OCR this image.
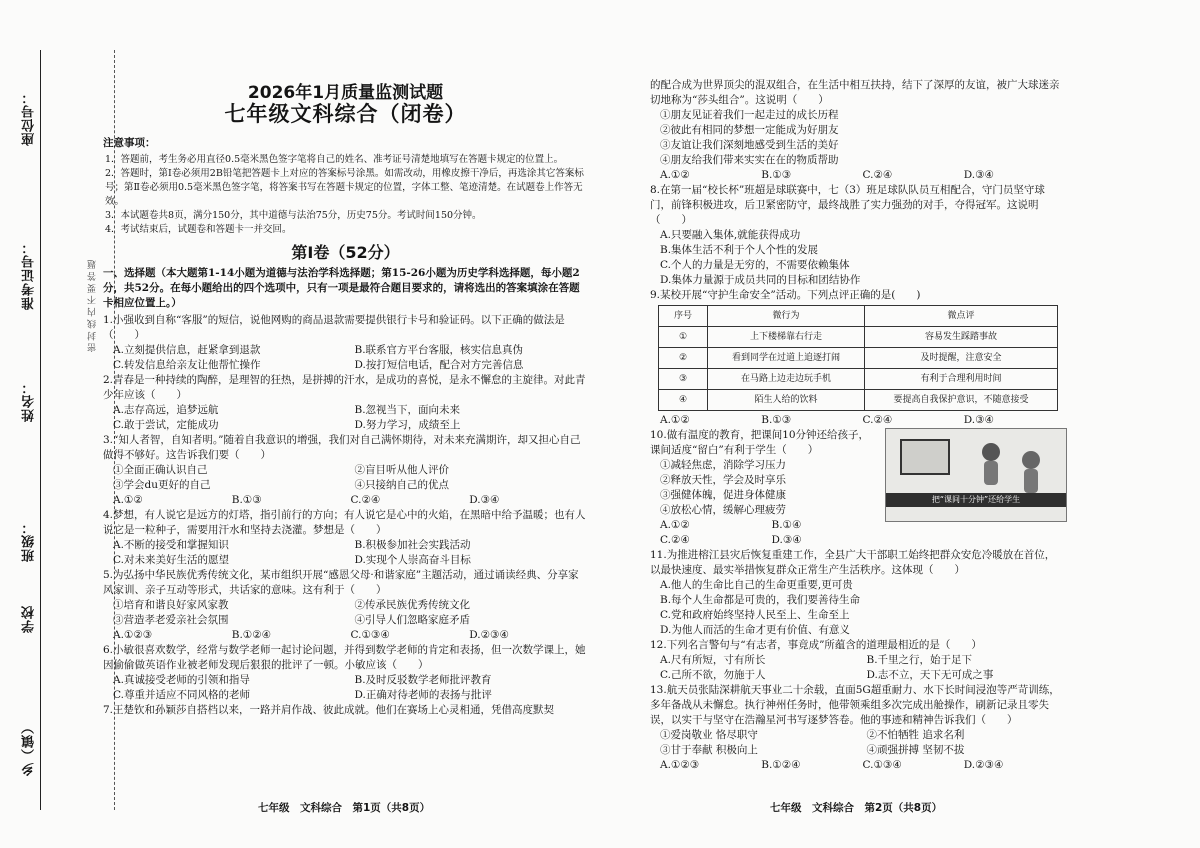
座位号：
准考证号：
姓名：
班级：
学校
乡（镇）
密 封 线 内 不 要 答 题
2026年1月质量监测试题
七年级文科综合（闭卷）
注意事项：

1．答题前，考生务必用直径0.5毫米黑色签字笔将自己的姓名、准考证号清楚地填写在答题卡规定的位置上。

2．答题时，第Ⅰ卷必须用2B铅笔把答题卡上对应的答案标号涂黑。如需改动，用橡皮擦干净后，再选涂其它答案标号；第Ⅱ卷必须用0.5毫米黑色签字笔，将答案书写在答题卡规定的位置，字体工整、笔迹清楚。在试题卷上作答无效。

3．本试题卷共8页，满分150分，其中道德与法治75分，历史75分。考试时间150分钟。

4．考试结束后，试题卷和答题卡一并交回。

第Ⅰ卷（52分）

一、选择题（本大题第1-14小题为道德与法治学科选择题；第15-26小题为历史学科选择题，每小题2分，共52分。在每小题给出的四个选项中，只有一项是最符合题目要求的，请将选出的答案填涂在答题卡相应位置上。）

1.小强收到自称“客服”的短信，说他网购的商品退款需要提供银行卡号和验证码。以下正确的做法是（　　）

A.立刻提供信息，赶紧拿到退款	B.联系官方平台客服，核实信息真伪
C.转发信息给亲友让他帮忙操作	D.按打短信电话，配合对方完善信息

2.青春是一种持续的陶醉，是理智的狂热，是拼搏的汗水，是成功的喜悦，是永不懈怠的主旋律。对此青少年应该（　　）

A.志存高远，追梦远航	B.忽视当下，面向未来
C.敢于尝试，定能成功	D.努力学习，成绩至上

3.“知人者智，自知者明。”随着自我意识的增强，我们对自己满怀期待，对未来充满期许，却又担心自己做得不够好。这告诉我们要（　　）

①全面正确认识自己	②盲目听从他人评价
③学会du更好的自己	④只接纳自己的优点
A.①②	B.①③	C.②④	D.③④

4.梦想，有人说它是远方的灯塔，指引前行的方向；有人说它是心中的火焰，在黑暗中给予温暖；也有人说它是一粒种子，需要用汗水和坚持去浇灌。梦想是（　　）

A.不断的接受和掌握知识	B.积极参加社会实践活动
C.对未来美好生活的愿望	D.实现个人崇高奋斗目标

5.为弘扬中华民族优秀传统文化，某市组织开展“感恩父母·和谐家庭”主题活动，通过诵读经典、分享家风家训、亲子互动等形式，共话家的意味。这有利于（　　）

①培育和谐良好家风家教	②传承民族优秀传统文化
③营造孝老爱亲社会氛围	④引导人们忽略家庭矛盾
A.①②③	B.①②④	C.①③④	D.②③④

6.小敏很喜欢数学，经常与数学老师一起讨论问题，并得到数学老师的肯定和表扬，但一次数学课上，她因偷偷做英语作业被老师发现后狠狠的批评了一顿。小敏应该（　　）

A.真诚接受老师的引领和指导	B.及时反驳数学老师批评教育
C.尊重并适应不同风格的老师	D.正确对待老师的表扬与批评

7.王楚钦和孙颖莎自搭档以来，一路并肩作战、彼此成就。他们在赛场上心灵相通，凭借高度默契

七年级　文科综合　第1页（共8页）

的配合成为世界顶尖的混双组合，在生活中相互扶持，结下了深厚的友谊，被广大球迷亲切地称为“莎头组合”。这说明（　　）

①朋友见证着我们一起走过的成长历程
②彼此有相同的梦想一定能成为好朋友
③友谊让我们深刻地感受到生活的美好
④朋友给我们带来实实在在的物质帮助
A.①②	B.①③	C.②④	D.③④

8.在第一届“校长杯”班超是球联赛中，七（3）班足球队队员互相配合，守门员坚守球门，前锋积极进攻，后卫紧密防守，最终战胜了实力强劲的对手，夺得冠军。这说明（　　）

A.只要融入集体,就能获得成功
B.集体生活不利于个人个性的发展
C.个人的力量是无穷的，不需要依赖集体
D.集体力量源于成员共同的目标和团结协作

9.某校开展“守护生命安全”活动。下列点评正确的是(　　)

序号	微行为	微点评
①	上下楼梯靠右行走	容易发生踩踏事故
②	看到同学在过道上追逐打闹	及时提醒，注意安全
③	在马路上边走边玩手机	有利于合理利用时间
④	陌生人给的饮料	要提高自我保护意识，不随意接受
A.①②	B.①③	C.②④	D.③④

10.做有温度的教育，把课间10分钟还给孩子，课间适度“留白”有利于学生（　　）

①减轻焦虑，消除学习压力
②释放天性，学会及时享乐
③强健体魄，促进身体健康
④放松心情，缓解心理疲劳
A.①②	B.①④
C.②④	D.③④
把“课间十分钟”还给学生

11.为推进榕江县灾后恢复重建工作，全县广大干部职工始终把群众安危冷暖放在首位，以最快速度、最实举措恢复群众正常生产生活秩序。这体现（　　）

A.他人的生命比自己的生命更重要,更可贵
B.每个人生命都是可贵的，我们要善待生命
C.党和政府始终坚持人民至上、生命至上
D.为他人而活的生命才更有价值、有意义

12.下列名言警句与“有志者，事竟成”所蕴含的道理最相近的是（　　）

A.尺有所短，寸有所长	B.千里之行，始于足下
C.己所不欲，勿施于人	D.志不立，天下无可成之事

13.航天员张陆深耕航天事业二十余载，直面5G超重耐力、水下长时间浸泡等严苛训练，多年备战从未懈怠。执行神州任务时，他带领乘组多次完成出舱操作，刷新记录且零失误，以实干与坚守在浩瀚星河书写逐梦答卷。他的事迹和精神告诉我们（　　）

①爱岗敬业 恪尽职守	②不怕牺牲 追求名利
③甘于奉献 积极向上	④顽强拼搏 坚韧不拔
A.①②③	B.①②④	C.①③④	D.②③④
七年级　文科综合　第2页（共8页）
